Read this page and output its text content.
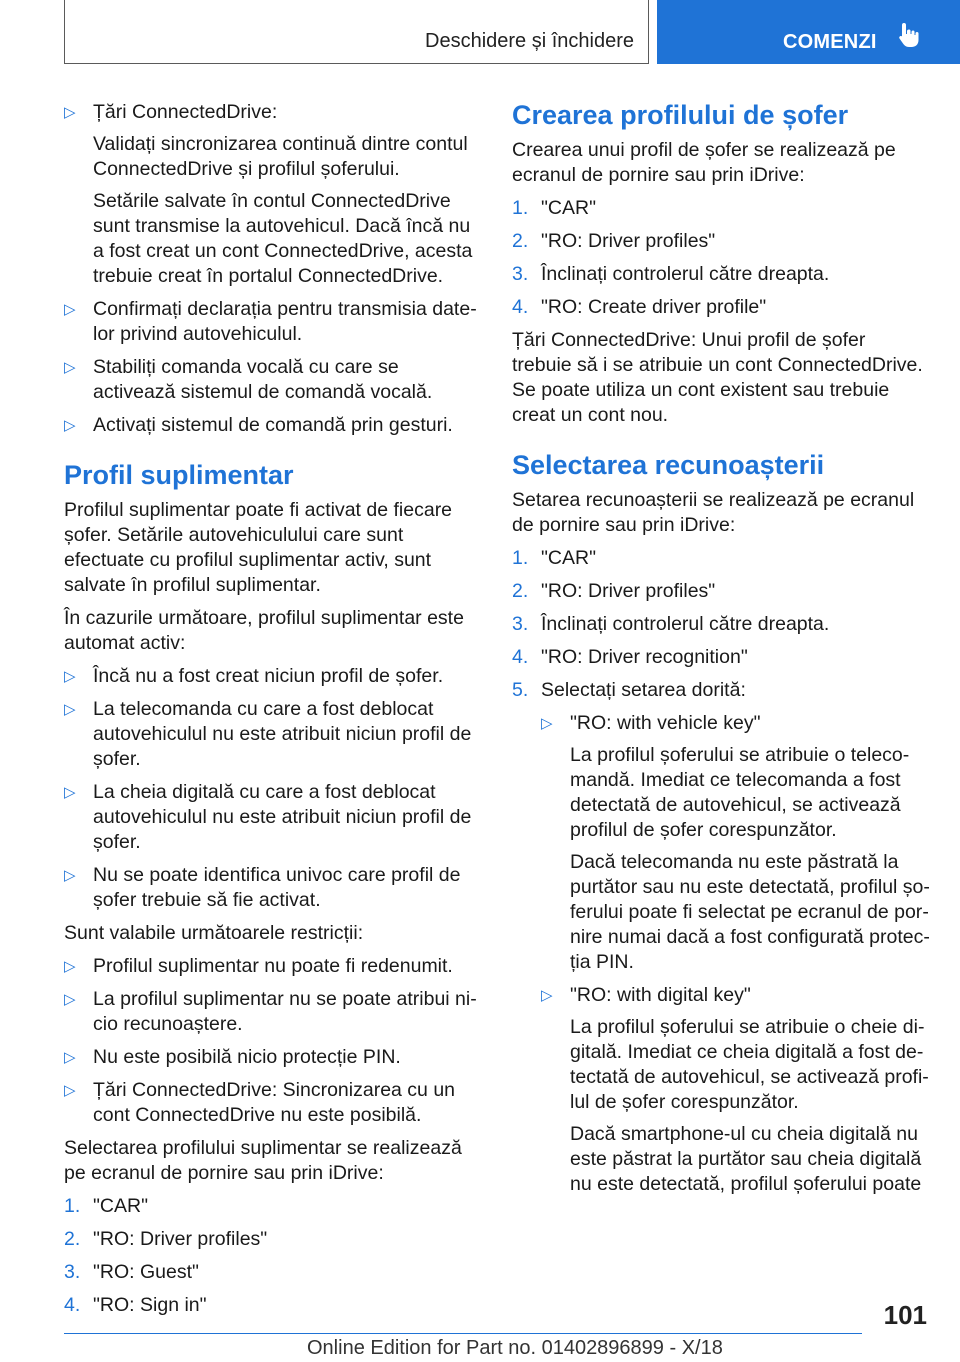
Deschidere și închidere	COMENZI
▷ Țări ConnectedDrive:
Validați sincronizarea continuă dintre contul ConnectedDrive și profilul șoferului.
Setările salvate în contul ConnectedDrive sunt transmise la autovehicul. Dacă încă nu a fost creat un cont ConnectedDrive, acesta trebuie creat în portalul ConnectedDrive.
▷ Confirmați declarația pentru transmisia datelor privind autovehiculul.
▷ Stabiliți comanda vocală cu care se activează sistemul de comandă vocală.
▷ Activați sistemul de comandă prin gesturi.
Profil suplimentar

Profilul suplimentar poate fi activat de fiecare șofer. Setările autovehiculului care sunt efectuate cu profilul suplimentar activ, sunt salvate în profilul suplimentar.

În cazurile următoare, profilul suplimentar este automat activ:

▷ Încă nu a fost creat niciun profil de șofer.
▷ La telecomanda cu care a fost deblocat autovehiculul nu este atribuit niciun profil de șofer.
▷ La cheia digitală cu care a fost deblocat autovehiculul nu este atribuit niciun profil de șofer.
▷ Nu se poate identifica univoc care profil de șofer trebuie să fie activat.

Sunt valabile următoarele restricții:

▷ Profilul suplimentar nu poate fi redenumit.
▷ La profilul suplimentar nu se poate atribui nicio recunoaștere.
▷ Nu este posibilă nicio protecție PIN.
▷ Țări ConnectedDrive: Sincronizarea cu un cont ConnectedDrive nu este posibilă.

Selectarea profilului suplimentar se realizează pe ecranul de pornire sau prin iDrive:

1. "CAR"
2. "RO: Driver profiles"
3. "RO: Guest"
4. "RO: Sign in"
Crearea profilului de șofer

Crearea unui profil de șofer se realizează pe ecranul de pornire sau prin iDrive:

1. "CAR"
2. "RO: Driver profiles"
3. Înclinați controlerul către dreapta.
4. "RO: Create driver profile"

Țări ConnectedDrive: Unui profil de șofer trebuie să i se atribuie un cont ConnectedDrive. Se poate utiliza un cont existent sau trebuie creat un cont nou.

Selectarea recunoașterii

Setarea recunoașterii se realizează pe ecranul de pornire sau prin iDrive:

1. "CAR"
2. "RO: Driver profiles"
3. Înclinați controlerul către dreapta.
4. "RO: Driver recognition"
5. Selectați setarea dorită:
▷ "RO: with vehicle key"
La profilul șoferului se atribuie o telecomandă. Imediat ce telecomanda a fost detectată de autovehicul, se activează profilul de șofer corespunzător.
Dacă telecomanda nu este păstrată la purtător sau nu este detectată, profilul șoferului poate fi selectat pe ecranul de pornire numai dacă a fost configurată protecția PIN.
▷ "RO: with digital key"
La profilul șoferului se atribuie o cheie digitală. Imediat ce cheia digitală a fost detectată de autovehicul, se activează profilul de șofer corespunzător.
Dacă smartphone-ul cu cheia digitală nu este păstrat la purtător sau cheia digitală nu este detectată, profilul șoferului poate
101
Online Edition for Part no. 01402896899 - X/18
